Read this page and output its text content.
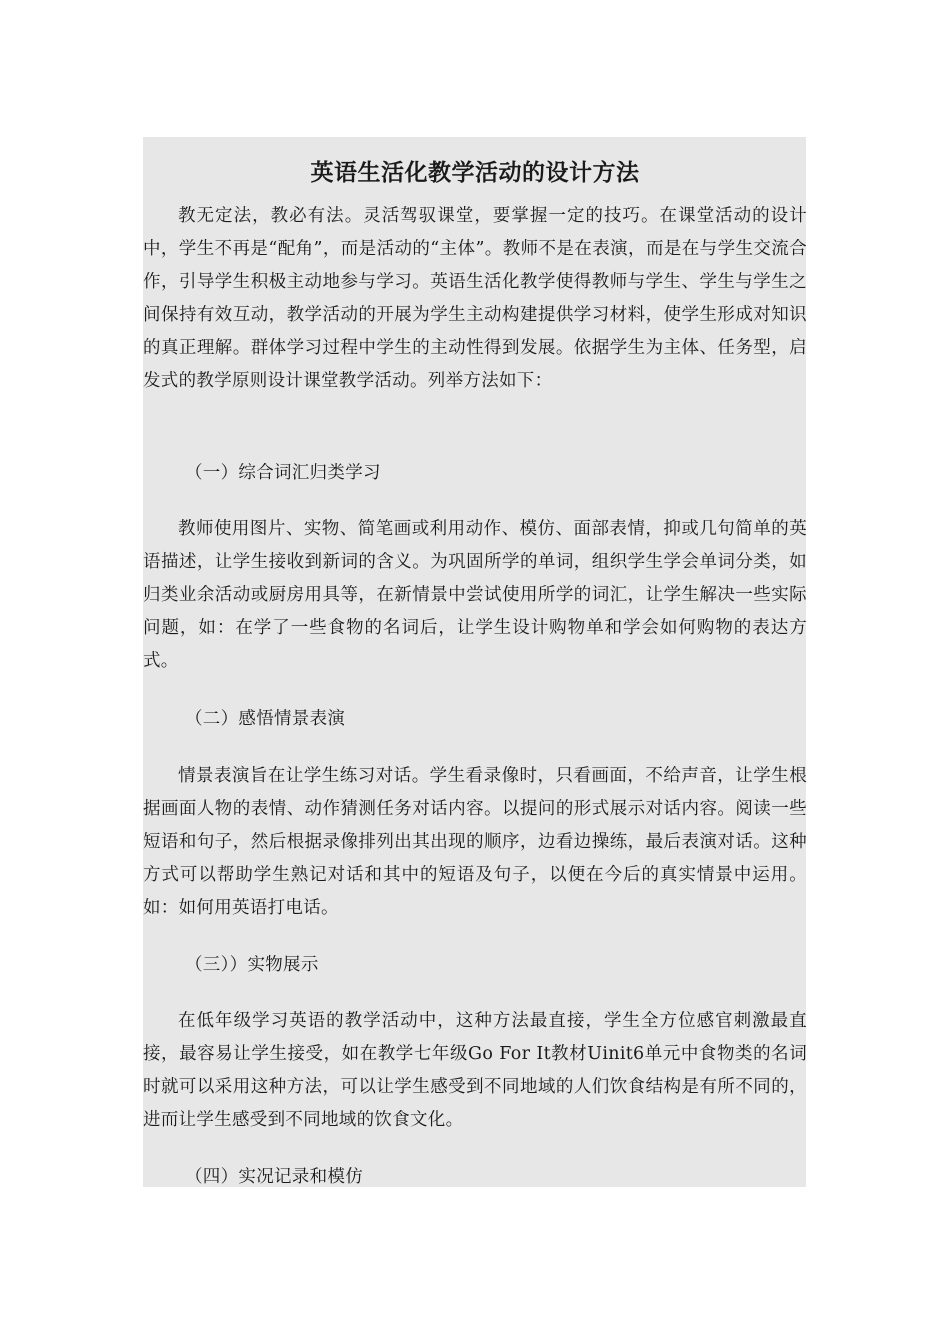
英语生活化教学活动的设计方法

教无定法，教必有法。灵活驾驭课堂，要掌握一定的技巧。在课堂活动的设计中，学生不再是“配角”，而是活动的“主体”。教师不是在表演，而是在与学生交流合作，引导学生积极主动地参与学习。英语生活化教学使得教师与学生、学生与学生之间保持有效互动，教学活动的开展为学生主动构建提供学习材料，使学生形成对知识的真正理解。群体学习过程中学生的主动性得到发展。依据学生为主体、任务型，启发式的教学原则设计课堂教学活动。列举方法如下：

（一）综合词汇归类学习

教师使用图片、实物、简笔画或利用动作、模仿、面部表情，抑或几句简单的英语描述，让学生接收到新词的含义。为巩固所学的单词，组织学生学会单词分类，如归类业余活动或厨房用具等，在新情景中尝试使用所学的词汇，让学生解决一些实际问题，如：在学了一些食物的名词后，让学生设计购物单和学会如何购物的表达方式。

（二）感悟情景表演

情景表演旨在让学生练习对话。学生看录像时，只看画面，不给声音，让学生根据画面人物的表情、动作猜测任务对话内容。以提问的形式展示对话内容。阅读一些短语和句子，然后根据录像排列出其出现的顺序，边看边操练，最后表演对话。这种方式可以帮助学生熟记对话和其中的短语及句子，以便在今后的真实情景中运用。如：如何用英语打电话。

（三））实物展示

在低年级学习英语的教学活动中，这种方法最直接，学生全方位感官刺激最直接，最容易让学生接受，如在教学七年级Go For It教材Uinit6单元中食物类的名词时就可以采用这种方法，可以让学生感受到不同地域的人们饮食结构是有所不同的，进而让学生感受到不同地域的饮食文化。

（四）实况记录和模仿
